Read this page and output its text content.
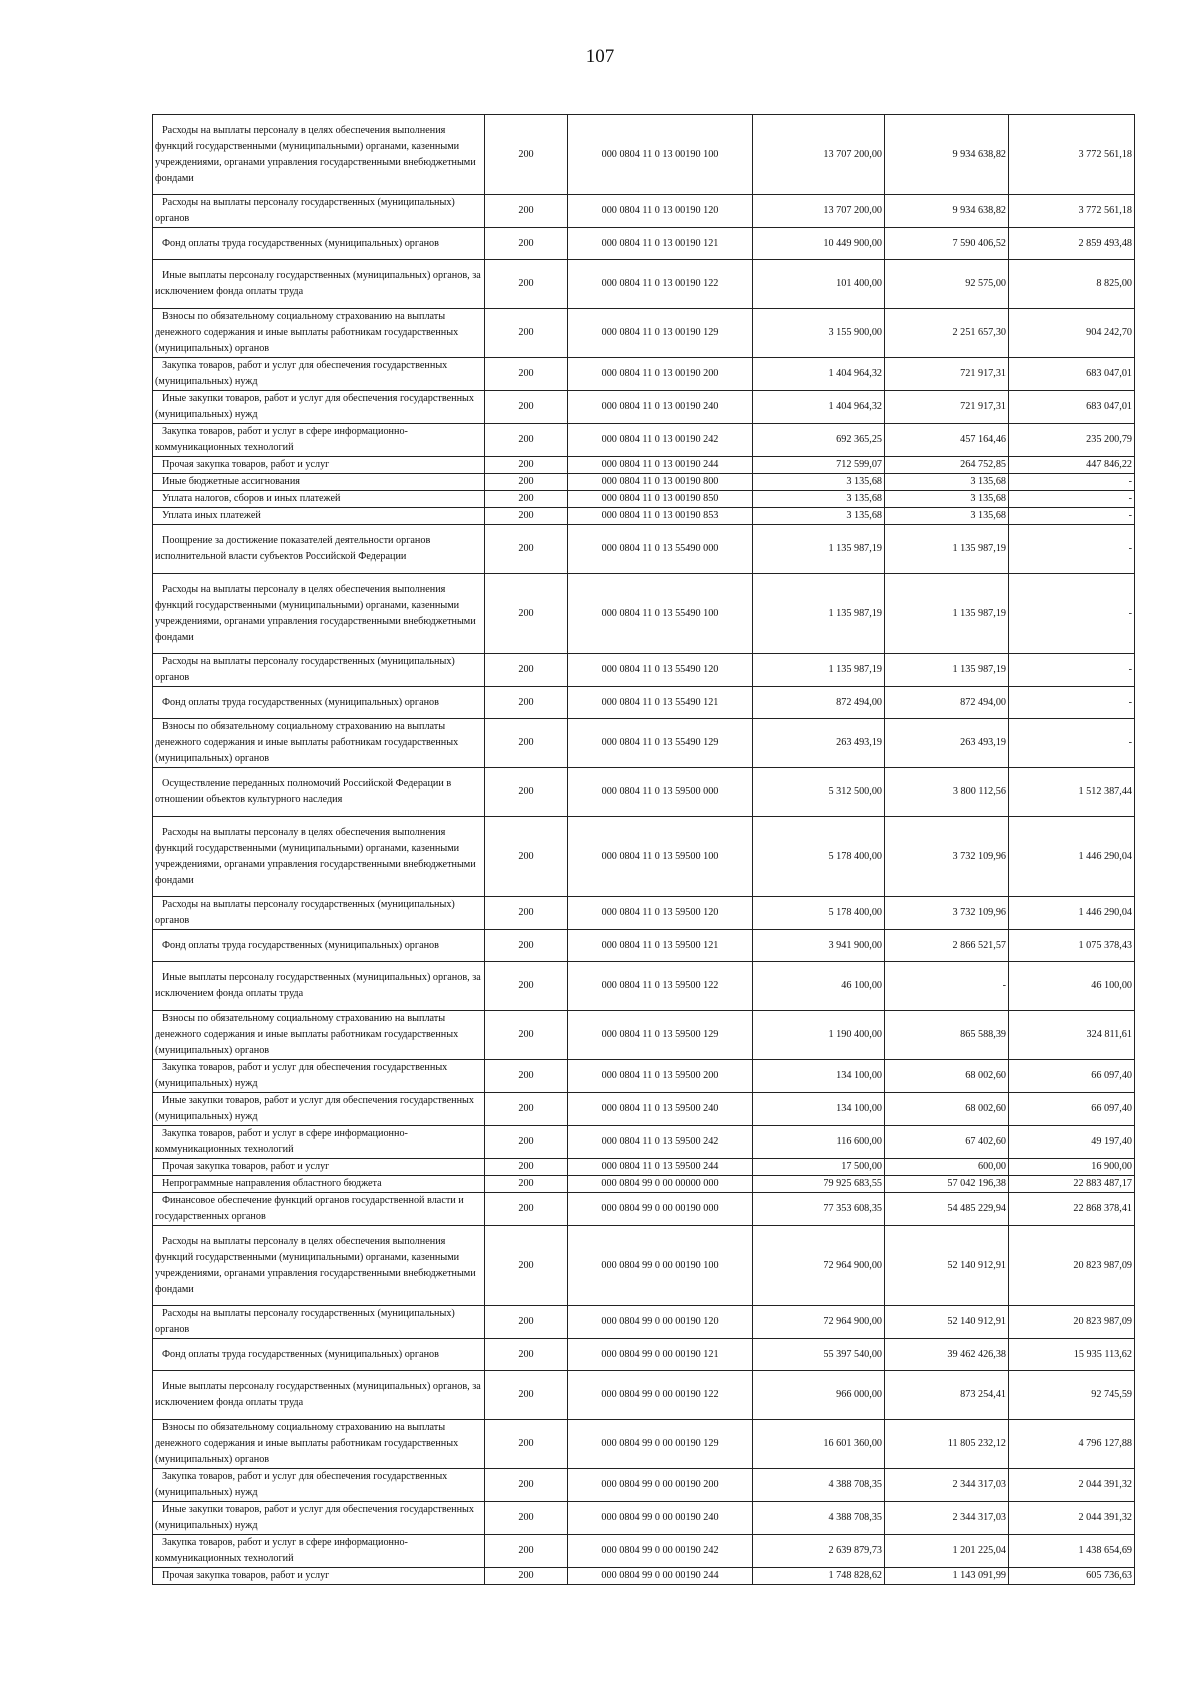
107
Расходы на выплаты персоналу в целях обеспечения выполнения функций государственными (муниципальными) органами, казенными учреждениями, органами управления государственными внебюджетными фондами	200	000 0804 11 0 13 00190 100	13 707 200,00	9 934 638,82	3 772 561,18
Расходы на выплаты персоналу государственных (муниципальных) органов	200	000 0804 11 0 13 00190 120	13 707 200,00	9 934 638,82	3 772 561,18
Фонд оплаты труда государственных (муниципальных) органов	200	000 0804 11 0 13 00190 121	10 449 900,00	7 590 406,52	2 859 493,48
Иные выплаты персоналу государственных (муниципальных) органов, за исключением фонда оплаты труда	200	000 0804 11 0 13 00190 122	101 400,00	92 575,00	8 825,00
Взносы по обязательному социальному страхованию на выплаты денежного содержания и иные выплаты работникам государственных (муниципальных) органов	200	000 0804 11 0 13 00190 129	3 155 900,00	2 251 657,30	904 242,70
Закупка товаров, работ и услуг для обеспечения государственных (муниципальных) нужд	200	000 0804 11 0 13 00190 200	1 404 964,32	721 917,31	683 047,01
Иные закупки товаров, работ и услуг для обеспечения государственных (муниципальных) нужд	200	000 0804 11 0 13 00190 240	1 404 964,32	721 917,31	683 047,01
Закупка товаров, работ и услуг в сфере информационно-коммуникационных технологий	200	000 0804 11 0 13 00190 242	692 365,25	457 164,46	235 200,79
Прочая закупка товаров, работ и услуг	200	000 0804 11 0 13 00190 244	712 599,07	264 752,85	447 846,22
Иные бюджетные ассигнования	200	000 0804 11 0 13 00190 800	3 135,68	3 135,68	-
Уплата налогов, сборов и иных платежей	200	000 0804 11 0 13 00190 850	3 135,68	3 135,68	-
Уплата иных платежей	200	000 0804 11 0 13 00190 853	3 135,68	3 135,68	-
Поощрение за достижение показателей деятельности органов исполнительной власти субъектов Российской Федерации	200	000 0804 11 0 13 55490 000	1 135 987,19	1 135 987,19	-
Расходы на выплаты персоналу в целях обеспечения выполнения функций государственными (муниципальными) органами, казенными учреждениями, органами управления государственными внебюджетными фондами	200	000 0804 11 0 13 55490 100	1 135 987,19	1 135 987,19	-
Расходы на выплаты персоналу государственных (муниципальных) органов	200	000 0804 11 0 13 55490 120	1 135 987,19	1 135 987,19	-
Фонд оплаты труда государственных (муниципальных) органов	200	000 0804 11 0 13 55490 121	872 494,00	872 494,00	-
Взносы по обязательному социальному страхованию на выплаты денежного содержания и иные выплаты работникам государственных (муниципальных) органов	200	000 0804 11 0 13 55490 129	263 493,19	263 493,19	-
Осуществление переданных полномочий Российской Федерации в отношении объектов культурного наследия	200	000 0804 11 0 13 59500 000	5 312 500,00	3 800 112,56	1 512 387,44
Расходы на выплаты персоналу в целях обеспечения выполнения функций государственными (муниципальными) органами, казенными учреждениями, органами управления государственными внебюджетными фондами	200	000 0804 11 0 13 59500 100	5 178 400,00	3 732 109,96	1 446 290,04
Расходы на выплаты персоналу государственных (муниципальных) органов	200	000 0804 11 0 13 59500 120	5 178 400,00	3 732 109,96	1 446 290,04
Фонд оплаты труда государственных (муниципальных) органов	200	000 0804 11 0 13 59500 121	3 941 900,00	2 866 521,57	1 075 378,43
Иные выплаты персоналу государственных (муниципальных) органов, за исключением фонда оплаты труда	200	000 0804 11 0 13 59500 122	46 100,00	-	46 100,00
Взносы по обязательному социальному страхованию на выплаты денежного содержания и иные выплаты работникам государственных (муниципальных) органов	200	000 0804 11 0 13 59500 129	1 190 400,00	865 588,39	324 811,61
Закупка товаров, работ и услуг для обеспечения государственных (муниципальных) нужд	200	000 0804 11 0 13 59500 200	134 100,00	68 002,60	66 097,40
Иные закупки товаров, работ и услуг для обеспечения государственных (муниципальных) нужд	200	000 0804 11 0 13 59500 240	134 100,00	68 002,60	66 097,40
Закупка товаров, работ и услуг в сфере информационно-коммуникационных технологий	200	000 0804 11 0 13 59500 242	116 600,00	67 402,60	49 197,40
Прочая закупка товаров, работ и услуг	200	000 0804 11 0 13 59500 244	17 500,00	600,00	16 900,00
Непрограммные направления областного бюджета	200	000 0804 99 0 00 00000 000	79 925 683,55	57 042 196,38	22 883 487,17
Финансовое обеспечение функций органов государственной власти и государственных органов	200	000 0804 99 0 00 00190 000	77 353 608,35	54 485 229,94	22 868 378,41
Расходы на выплаты персоналу в целях обеспечения выполнения функций государственными (муниципальными) органами, казенными учреждениями, органами управления государственными внебюджетными фондами	200	000 0804 99 0 00 00190 100	72 964 900,00	52 140 912,91	20 823 987,09
Расходы на выплаты персоналу государственных (муниципальных) органов	200	000 0804 99 0 00 00190 120	72 964 900,00	52 140 912,91	20 823 987,09
Фонд оплаты труда государственных (муниципальных) органов	200	000 0804 99 0 00 00190 121	55 397 540,00	39 462 426,38	15 935 113,62
Иные выплаты персоналу государственных (муниципальных) органов, за исключением фонда оплаты труда	200	000 0804 99 0 00 00190 122	966 000,00	873 254,41	92 745,59
Взносы по обязательному социальному страхованию на выплаты денежного содержания и иные выплаты работникам государственных (муниципальных) органов	200	000 0804 99 0 00 00190 129	16 601 360,00	11 805 232,12	4 796 127,88
Закупка товаров, работ и услуг для обеспечения государственных (муниципальных) нужд	200	000 0804 99 0 00 00190 200	4 388 708,35	2 344 317,03	2 044 391,32
Иные закупки товаров, работ и услуг для обеспечения государственных (муниципальных) нужд	200	000 0804 99 0 00 00190 240	4 388 708,35	2 344 317,03	2 044 391,32
Закупка товаров, работ и услуг в сфере информационно-коммуникационных технологий	200	000 0804 99 0 00 00190 242	2 639 879,73	1 201 225,04	1 438 654,69
Прочая закупка товаров, работ и услуг	200	000 0804 99 0 00 00190 244	1 748 828,62	1 143 091,99	605 736,63
